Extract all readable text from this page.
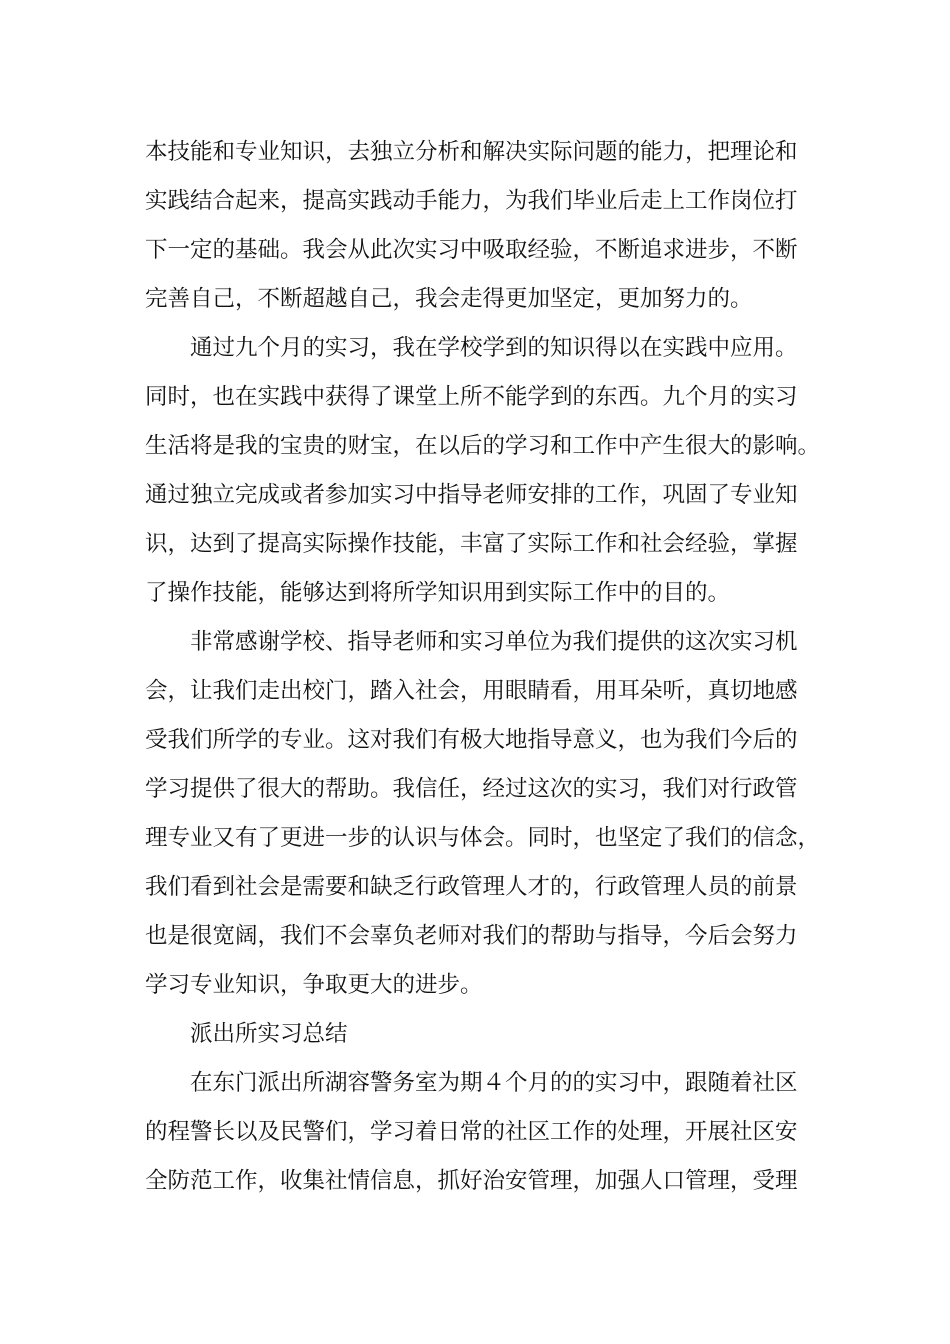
本技能和专业知识，去独立分析和解决实际问题的能力，把理论和
实践结合起来，提高实践动手能力，为我们毕业后走上工作岗位打
下一定的基础。我会从此次实习中吸取经验，不断追求进步，不断
完善自己，不断超越自己，我会走得更加坚定，更加努力的。
通过九个月的实习，我在学校学到的知识得以在实践中应用。
同时，也在实践中获得了课堂上所不能学到的东西。九个月的实习
生活将是我的宝贵的财宝，在以后的学习和工作中产生很大的影响。
通过独立完成或者参加实习中指导老师安排的工作，巩固了专业知
识，达到了提高实际操作技能，丰富了实际工作和社会经验，掌握
了操作技能，能够达到将所学知识用到实际工作中的目的。
非常感谢学校、指导老师和实习单位为我们提供的这次实习机
会，让我们走出校门，踏入社会，用眼睛看，用耳朵听，真切地感
受我们所学的专业。这对我们有极大地指导意义，也为我们今后的
学习提供了很大的帮助。我信任，经过这次的实习，我们对行政管
理专业又有了更进一步的认识与体会。同时，也坚定了我们的信念，
我们看到社会是需要和缺乏行政管理人才的，行政管理人员的前景
也是很宽阔，我们不会辜负老师对我们的帮助与指导，今后会努力
学习专业知识，争取更大的进步。
派出所实习总结
在东门派出所湖容警务室为期４个月的的实习中，跟随着社区
的程警长以及民警们，学习着日常的社区工作的处理，开展社区安
全防范工作，收集社情信息，抓好治安管理，加强人口管理，受理
